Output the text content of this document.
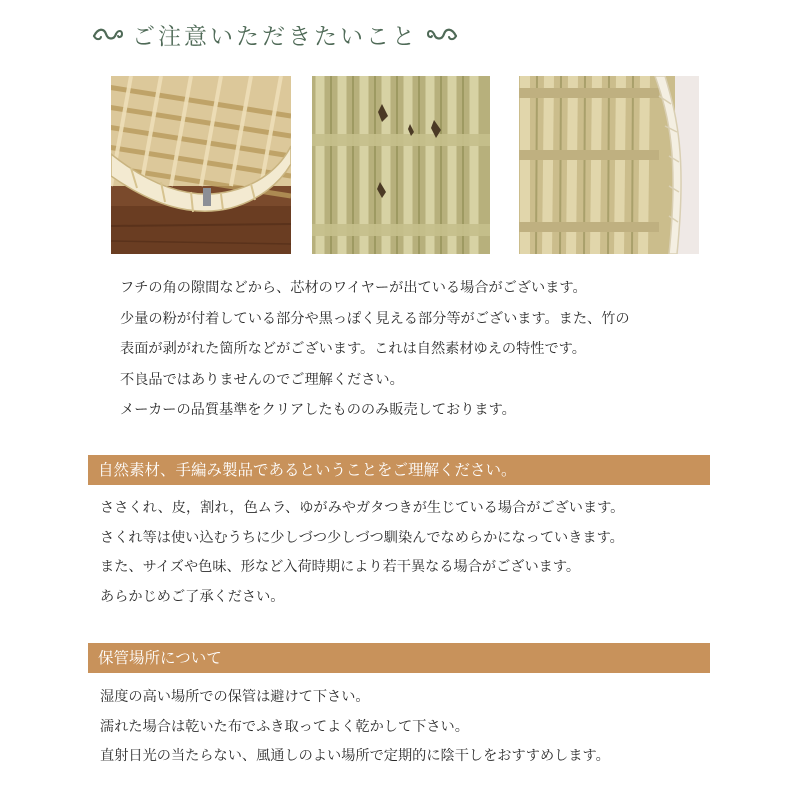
ご注意いただきたいこと
フチの角の隙間などから、芯材のワイヤーが出ている場合がございます。
少量の粉が付着している部分や黒っぽく見える部分等がございます。また、竹の
表面が剥がれた箇所などがございます。これは自然素材ゆえの特性です。
不良品ではありませんのでご理解ください。
メーカーの品質基準をクリアしたもののみ販売しております。
自然素材、手編み製品であるということをご理解ください。
ささくれ、皮，割れ，色ムラ、ゆがみやガタつきが生じている場合がございます。
さくれ等は使い込むうちに少しづつ少しづつ馴染んでなめらかになっていきます。
また、サイズや色味、形など入荷時期により若干異なる場合がございます。
あらかじめご了承ください。
保管場所について
湿度の高い場所での保管は避けて下さい。
濡れた場合は乾いた布でふき取ってよく乾かして下さい。
直射日光の当たらない、風通しのよい場所で定期的に陰干しをおすすめします。
